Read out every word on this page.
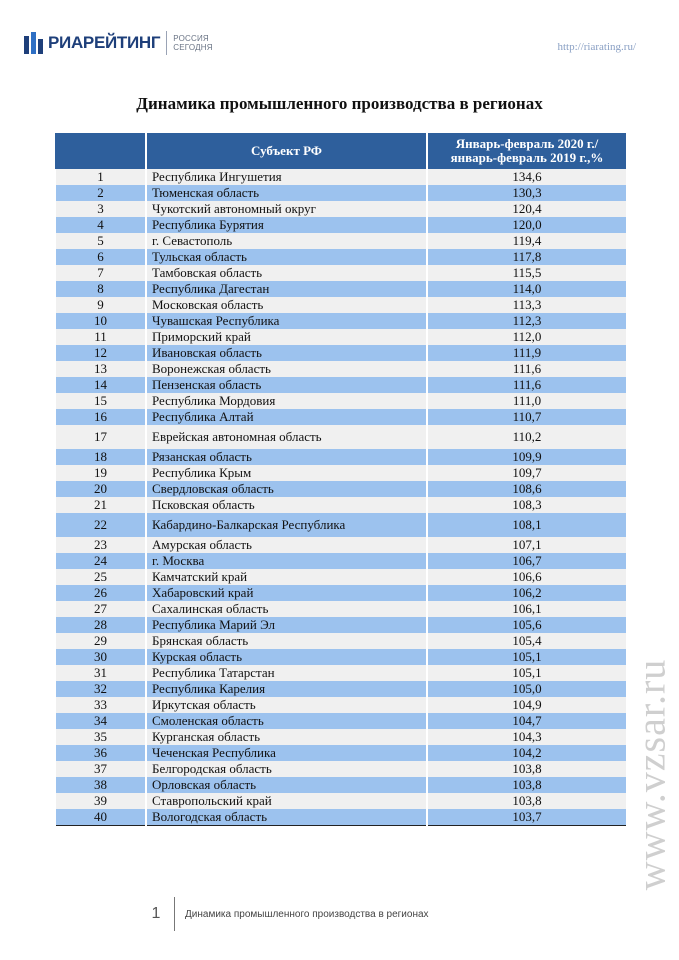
РИАРЕЙТИНГ РОССИЯ
СЕГОДНЯ	http://riarating.ru/
Динамика промышленного производства в регионах
	Субъект РФ	Январь-февраль 2020 г./ январь-февраль 2019 г.,%
1	Республика Ингушетия	134,6
2	Тюменская область	130,3
3	Чукотский автономный округ	120,4
4	Республика Бурятия	120,0
5	г. Севастополь	119,4
6	Тульская область	117,8
7	Тамбовская область	115,5
8	Республика Дагестан	114,0
9	Московская область	113,3
10	Чувашская Республика	112,3
11	Приморский край	112,0
12	Ивановская область	111,9
13	Воронежская область	111,6
14	Пензенская область	111,6
15	Республика Мордовия	111,0
16	Республика Алтай	110,7
17	Еврейская автономная область	110,2
18	Рязанская область	109,9
19	Республика Крым	109,7
20	Свердловская область	108,6
21	Псковская область	108,3
22	Кабардино-Балкарская Республика	108,1
23	Амурская область	107,1
24	г. Москва	106,7
25	Камчатский край	106,6
26	Хабаровский край	106,2
27	Сахалинская область	106,1
28	Республика Марий Эл	105,6
29	Брянская область	105,4
30	Курская область	105,1
31	Республика Татарстан	105,1
32	Республика Карелия	105,0
33	Иркутская область	104,9
34	Смоленская область	104,7
35	Курганская область	104,3
36	Чеченская Республика	104,2
37	Белгородская область	103,8
38	Орловская область	103,8
39	Ставропольский край	103,8
40	Вологодская область	103,7
1	Динамика промышленного производства в регионах
www.vzsar.ru
